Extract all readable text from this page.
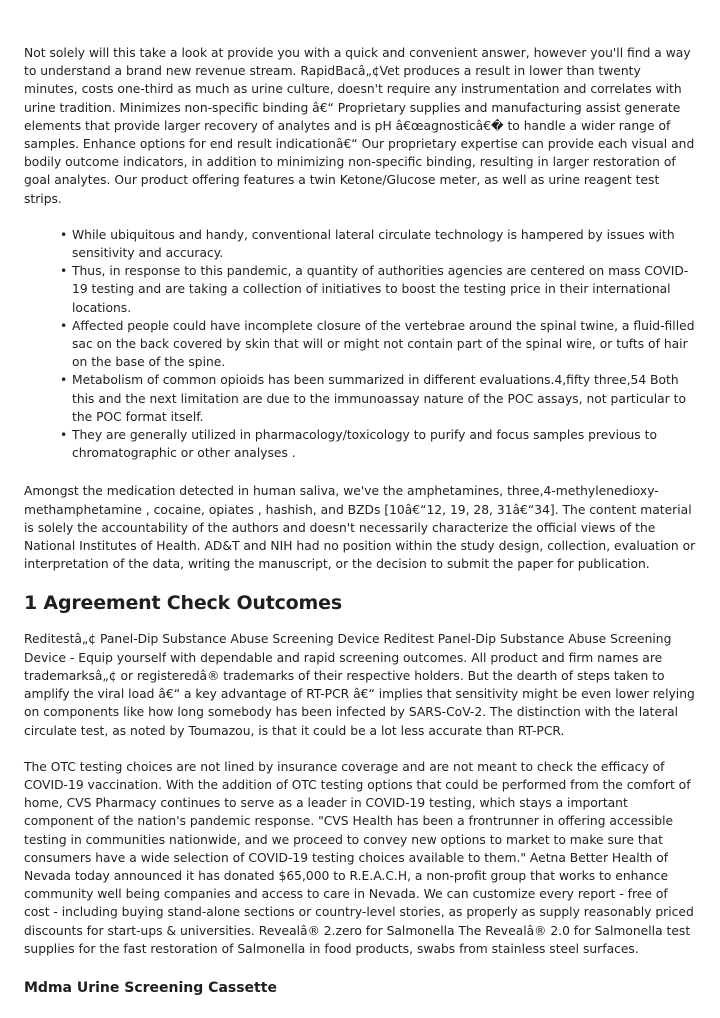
Not solely will this take a look at provide you with a quick and convenient answer, however you'll find a way to understand a brand new revenue stream. RapidBacâ„¢Vet produces a result in lower than twenty minutes, costs one-third as much as urine culture, doesn't require any instrumentation and correlates with urine tradition. Minimizes non-specific binding â€“ Proprietary supplies and manufacturing assist generate elements that provide larger recovery of analytes and is pH â€œagnosticâ€� to handle a wider range of samples. Enhance options for end result indicationâ€“ Our proprietary expertise can provide each visual and bodily outcome indicators, in addition to minimizing non-specific binding, resulting in larger restoration of goal analytes. Our product offering features a twin Ketone/Glucose meter, as well as urine reagent test strips.

• While ubiquitous and handy, conventional lateral circulate technology is hampered by issues with sensitivity and accuracy.
• Thus, in response to this pandemic, a quantity of authorities agencies are centered on mass COVID-19 testing and are taking a collection of initiatives to boost the testing price in their international locations.
• Affected people could have incomplete closure of the vertebrae around the spinal twine, a fluid-filled sac on the back covered by skin that will or might not contain part of the spinal wire, or tufts of hair on the base of the spine.
• Metabolism of common opioids has been summarized in different evaluations.4,fifty three,54 Both this and the next limitation are due to the immunoassay nature of the POC assays, not particular to the POC format itself.
• They are generally utilized in pharmacology/toxicology to purify and focus samples previous to chromatographic or other analyses .

Amongst the medication detected in human saliva, we've the amphetamines, three,4-methylenedioxy-methamphetamine , cocaine, opiates , hashish, and BZDs [10â€“12, 19, 28, 31â€“34]. The content material is solely the accountability of the authors and doesn't necessarily characterize the official views of the National Institutes of Health. AD&T and NIH had no position within the study design, collection, evaluation or interpretation of the data, writing the manuscript, or the decision to submit the paper for publication.

1 Agreement Check Outcomes

Reditestâ„¢ Panel-Dip Substance Abuse Screening Device Reditest Panel-Dip Substance Abuse Screening Device - Equip yourself with dependable and rapid screening outcomes. All product and firm names are trademarksâ„¢ or registeredâ® trademarks of their respective holders. But the dearth of steps taken to amplify the viral load â€“ a key advantage of RT-PCR â€“ implies that sensitivity might be even lower relying on components like how long somebody has been infected by SARS-CoV-2. The distinction with the lateral circulate test, as noted by Toumazou, is that it could be a lot less accurate than RT-PCR.

The OTC testing choices are not lined by insurance coverage and are not meant to check the efficacy of COVID-19 vaccination. With the addition of OTC testing options that could be performed from the comfort of home, CVS Pharmacy continues to serve as a leader in COVID-19 testing, which stays a important component of the nation's pandemic response. "CVS Health has been a frontrunner in offering accessible testing in communities nationwide, and we proceed to convey new options to market to make sure that consumers have a wide selection of COVID-19 testing choices available to them." Aetna Better Health of Nevada today announced it has donated $65,000 to R.E.A.C.H, a non-profit group that works to enhance community well being companies and access to care in Nevada. We can customize every report - free of cost - including buying stand-alone sections or country-level stories, as properly as supply reasonably priced discounts for start-ups & universities. Revealâ® 2.zero for Salmonella The Revealâ® 2.0 for Salmonella test supplies for the fast restoration of Salmonella in food products, swabs from stainless steel surfaces.

Mdma Urine Screening Cassette
